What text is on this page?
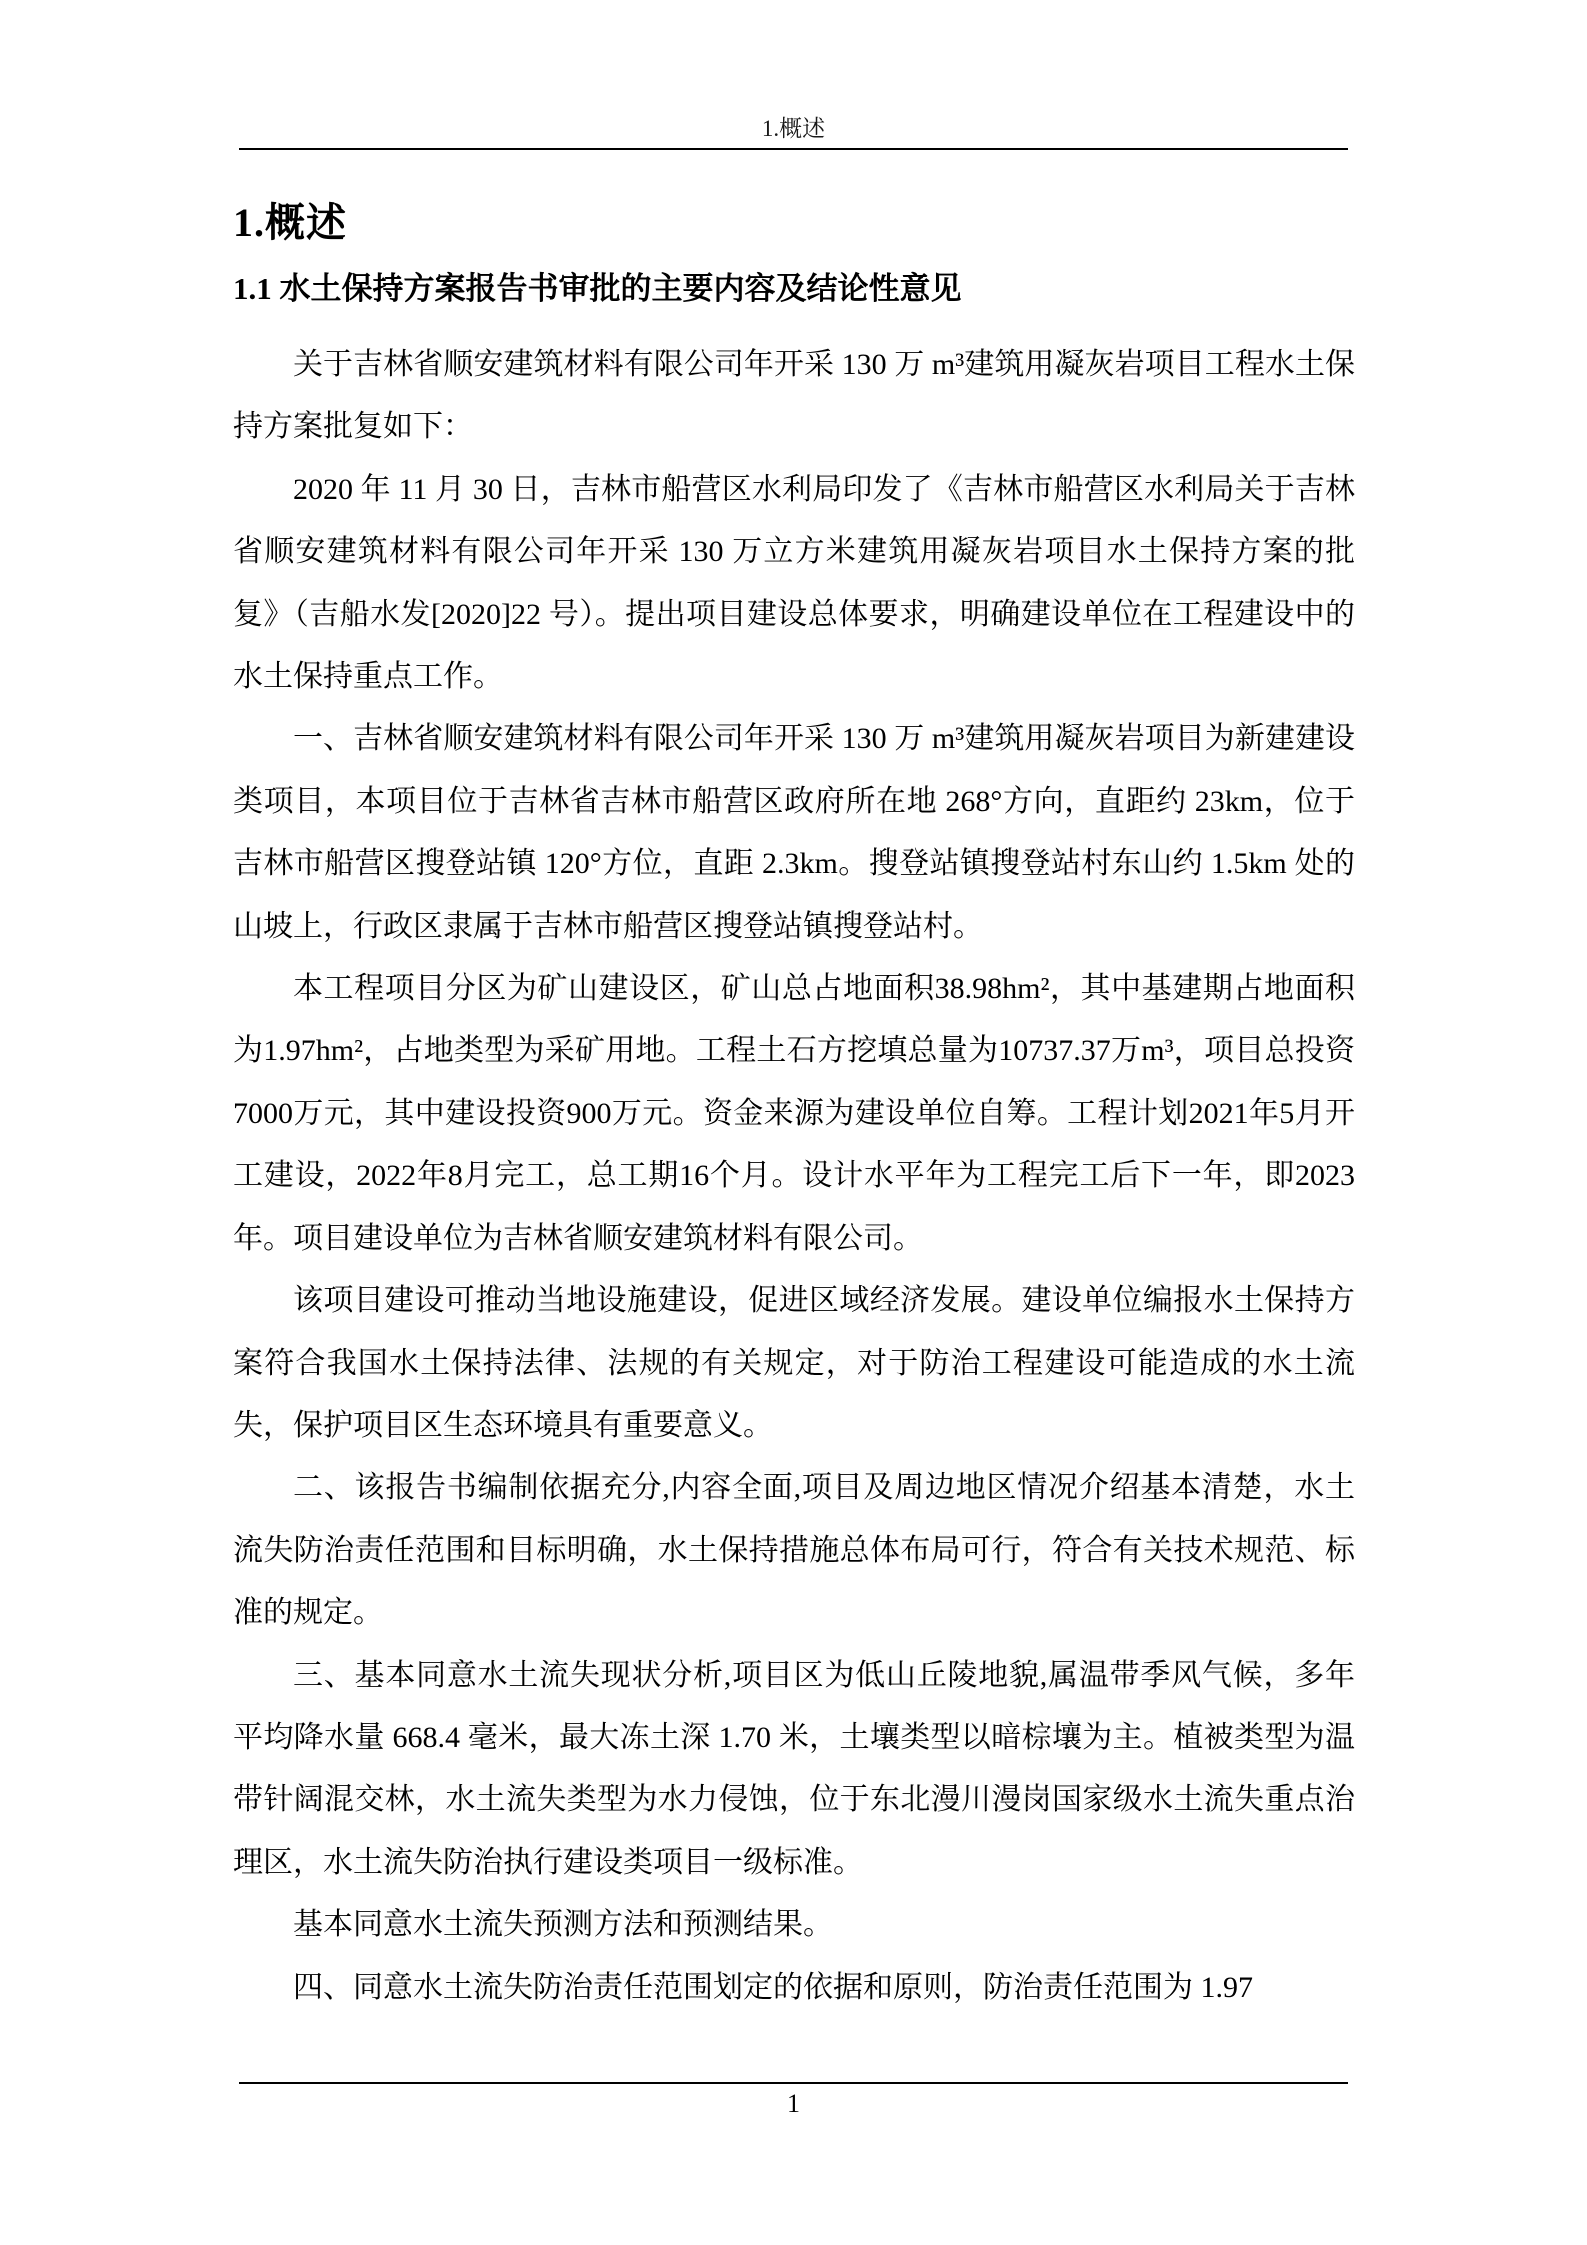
1.概述
1.概述
1.1 水土保持方案报告书审批的主要内容及结论性意见

关于吉林省顺安建筑材料有限公司年开采 130 万 m³建筑用凝灰岩项目工程水土保持方案批复如下：

2020 年 11 月 30 日，吉林市船营区水利局印发了《吉林市船营区水利局关于吉林省顺安建筑材料有限公司年开采 130 万立方米建筑用凝灰岩项目水土保持方案的批复》（吉船水发[2020]22 号）。提出项目建设总体要求，明确建设单位在工程建设中的水土保持重点工作。

一、吉林省顺安建筑材料有限公司年开采 130 万 m³建筑用凝灰岩项目为新建建设类项目，本项目位于吉林省吉林市船营区政府所在地 268°方向，直距约 23km，位于吉林市船营区搜登站镇 120°方位，直距 2.3km。搜登站镇搜登站村东山约 1.5km 处的山坡上，行政区隶属于吉林市船营区搜登站镇搜登站村。

本工程项目分区为矿山建设区，矿山总占地面积38.98hm²，其中基建期占地面积为1.97hm²，占地类型为采矿用地。工程土石方挖填总量为10737.37万m³，项目总投资7000万元，其中建设投资900万元。资金来源为建设单位自筹。工程计划2021年5月开工建设，2022年8月完工，总工期16个月。设计水平年为工程完工后下一年，即2023年。项目建设单位为吉林省顺安建筑材料有限公司。

该项目建设可推动当地设施建设，促进区域经济发展。建设单位编报水土保持方案符合我国水土保持法律、法规的有关规定，对于防治工程建设可能造成的水土流失，保护项目区生态环境具有重要意义。

二、该报告书编制依据充分,内容全面,项目及周边地区情况介绍基本清楚，水土流失防治责任范围和目标明确，水土保持措施总体布局可行，符合有关技术规范、标准的规定。

三、基本同意水土流失现状分析,项目区为低山丘陵地貌,属温带季风气候，多年平均降水量 668.4 毫米，最大冻土深 1.70 米，土壤类型以暗棕壤为主。植被类型为温带针阔混交林，水土流失类型为水力侵蚀，位于东北漫川漫岗国家级水土流失重点治理区，水土流失防治执行建设类项目一级标准。

基本同意水土流失预测方法和预测结果。

四、同意水土流失防治责任范围划定的依据和原则，防治责任范围为 1.97

1
